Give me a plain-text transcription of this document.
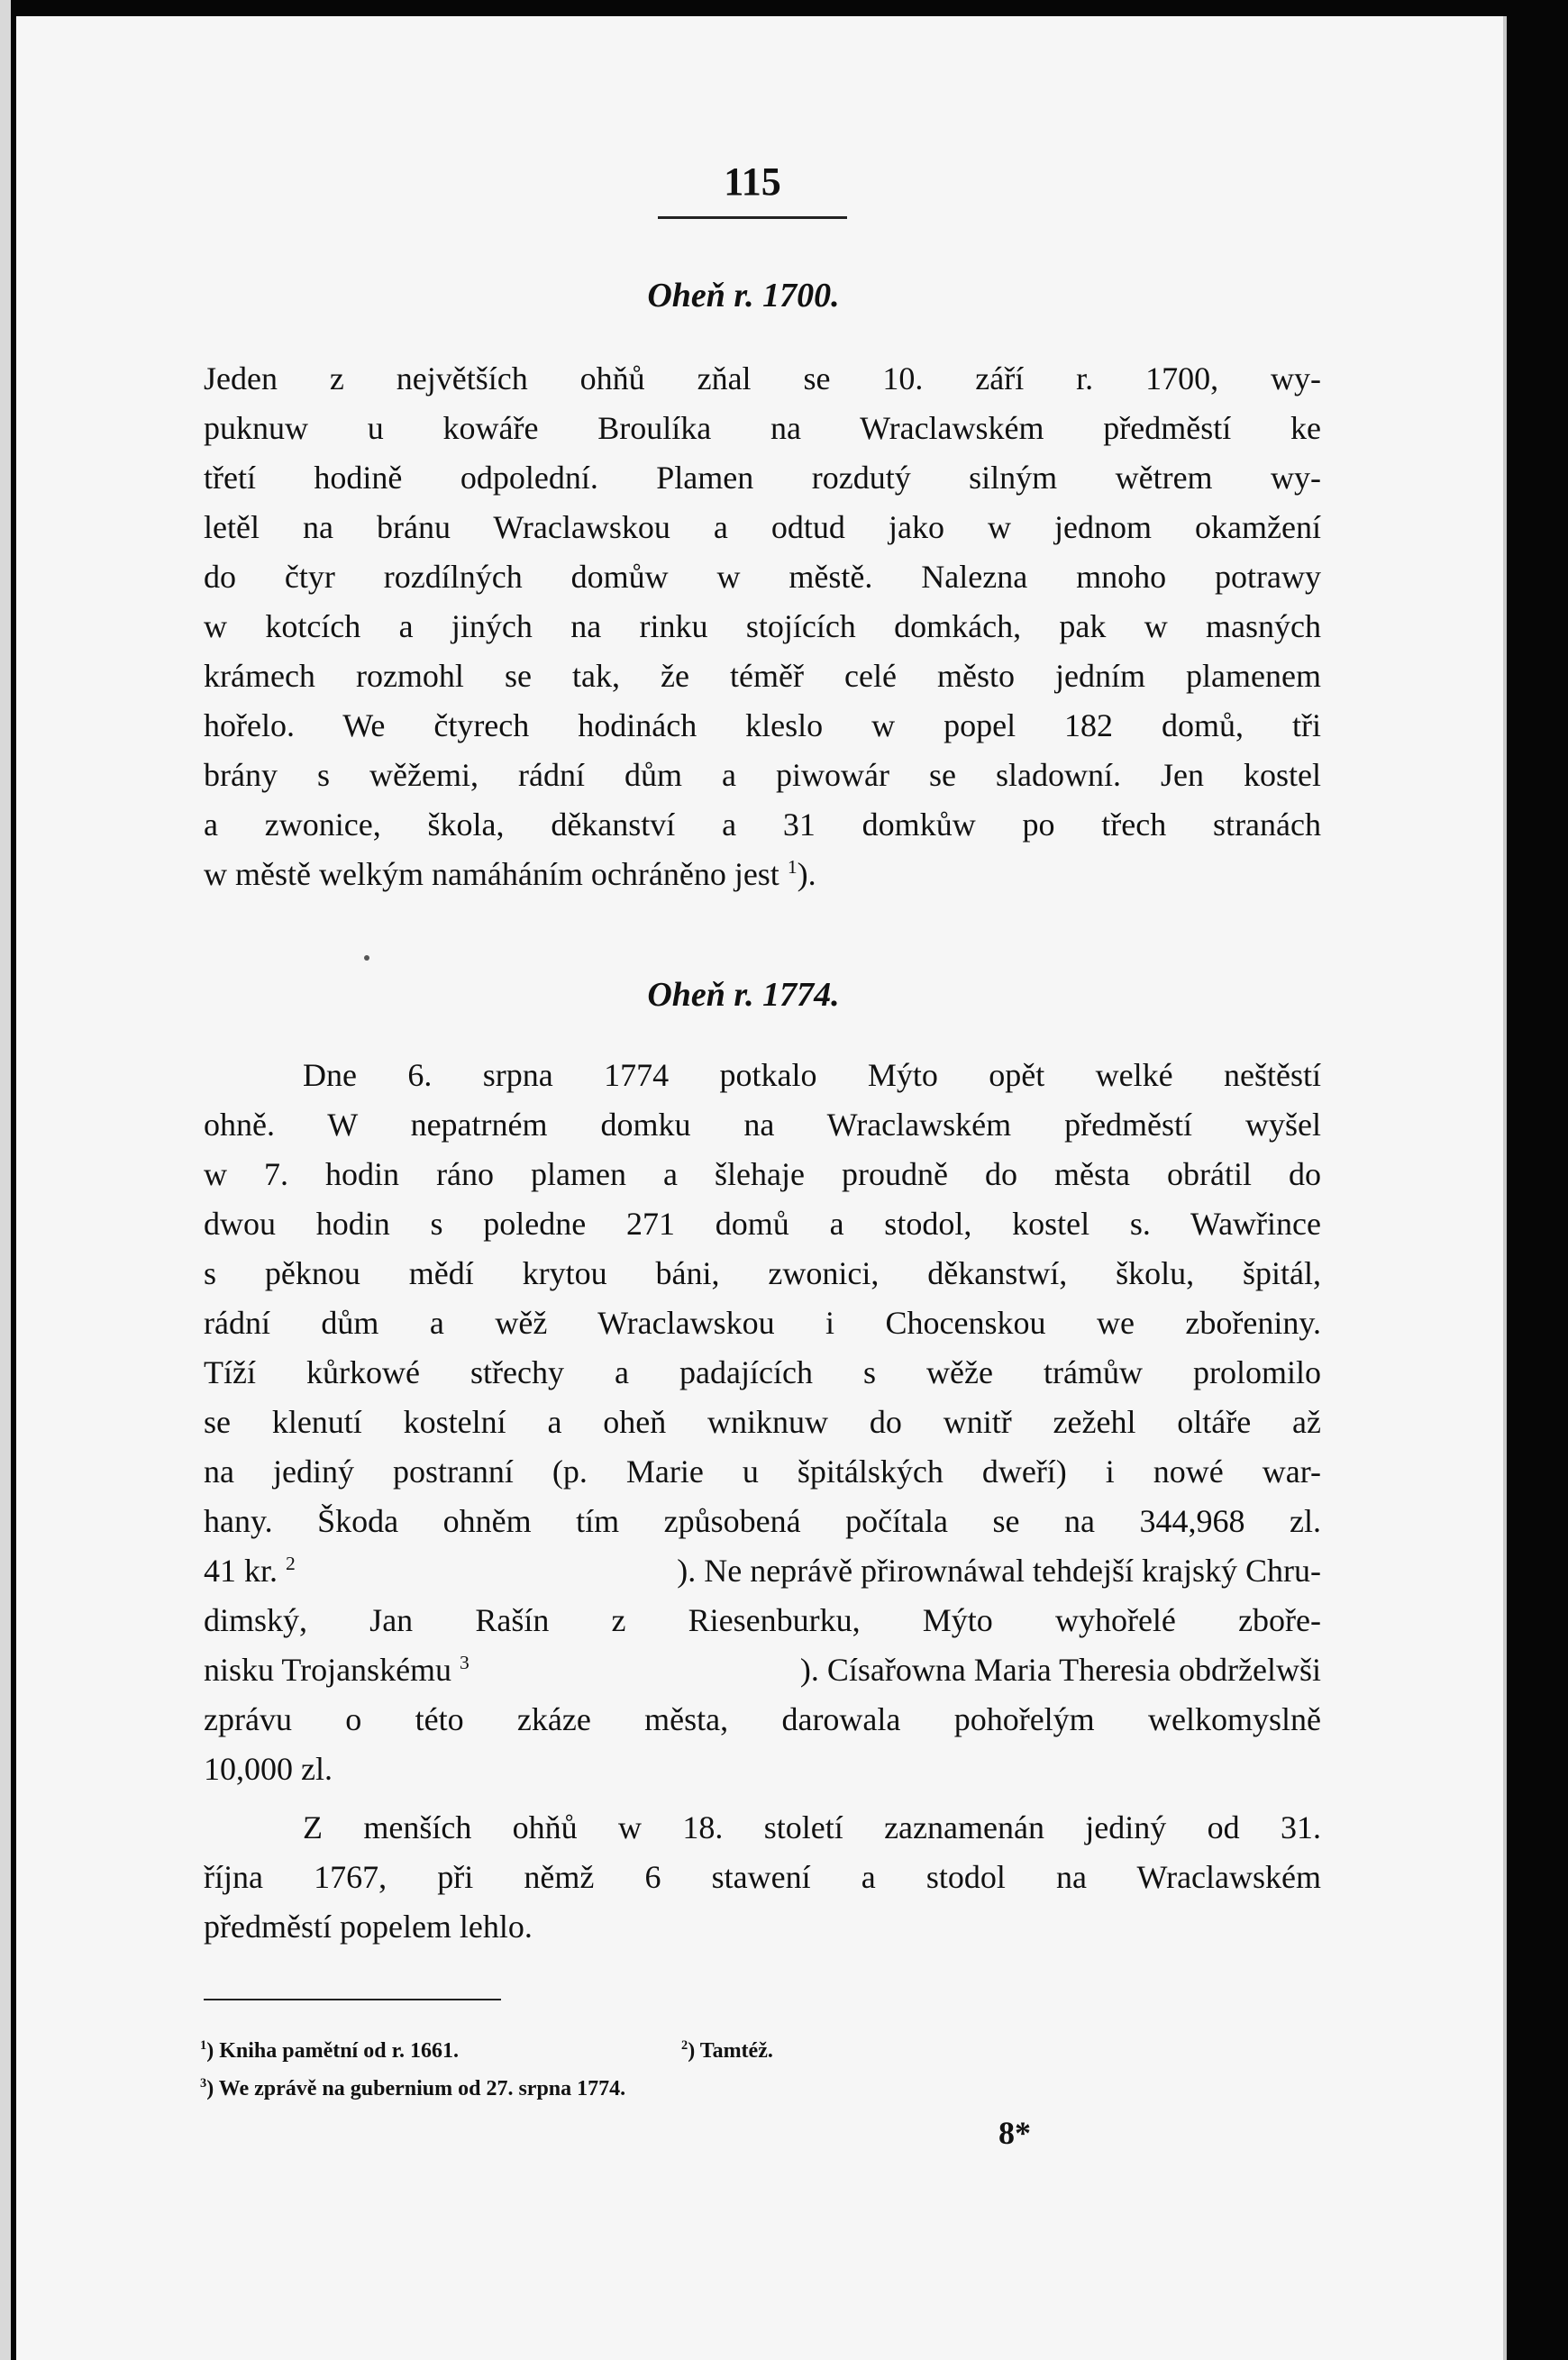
115
Oheň r. 1700.
Jeden z největších ohňů zňal se 10. září r. 1700, wy-
puknuw u kowáře Broulíka na Wraclawském předměstí ke
třetí hodině odpolední. Plamen rozdutý silným wětrem wy-
letěl na bránu Wraclawskou a odtud jako w jednom okamžení
do čtyr rozdílných domůw w městě. Nalezna mnoho potrawy
w kotcích a jiných na rinku stojících domkách, pak w masných
krámech rozmohl se tak, že téměř celé město jedním plamenem
hořelo. We čtyrech hodinách kleslo w popel 182 domů, tři
brány s wěžemi, rádní dům a piwowár se sladowní. Jen kostel
a zwonice, škola, děkanství a 31 domkůw po třech stranách
w městě welkým namáháním ochráněno jest $^1$).
Oheň r. 1774.
Dne 6. srpna 1774 potkalo Mýto opět welké neštěstí
ohně. W nepatrném domku na Wraclawském předměstí wyšel
w 7. hodin ráno plamen a šlehaje proudně do města obrátil do
dwou hodin s poledne 271 domů a stodol, kostel s. Wawřince
s pěknou mědí krytou báni, zwonici, děkanstwí, školu, špitál,
rádní dům a wěž Wraclawskou i Chocenskou we zbořeniny.
Tíží kůrkowé střechy a padajících s wěže trámůw prolomilo
se klenutí kostelní a oheň wniknuw do wnitř zežehl oltáře až
na jediný postranní (p. Marie u špitálských dweří) i nowé war-
hany. Škoda ohněm tím způsobená počítala se na 344,968 zl.
41 kr. $^2$	). Ne neprávě přirownáwal tehdejší krajský Chru-
dimský, Jan Rašín z Riesenburku, Mýto wyhořelé zboře-
nisku Trojanskému $^3$	). Císařowna Maria Theresia obdrželwši
zprávu o této zkáze města, darowala pohořelým welkomyslně
10,000 zl.
Z menších ohňů w 18. století zaznamenán jediný od 31.
října 1767, při němž 6 stawení a stodol na Wraclawském
předměstí popelem lehlo.
$^1$) Kniha pamětní od r. 1661.	$^2$) Tamtéž.
$^3$) We zprávě na gubernium od 27. srpna 1774.
8*
